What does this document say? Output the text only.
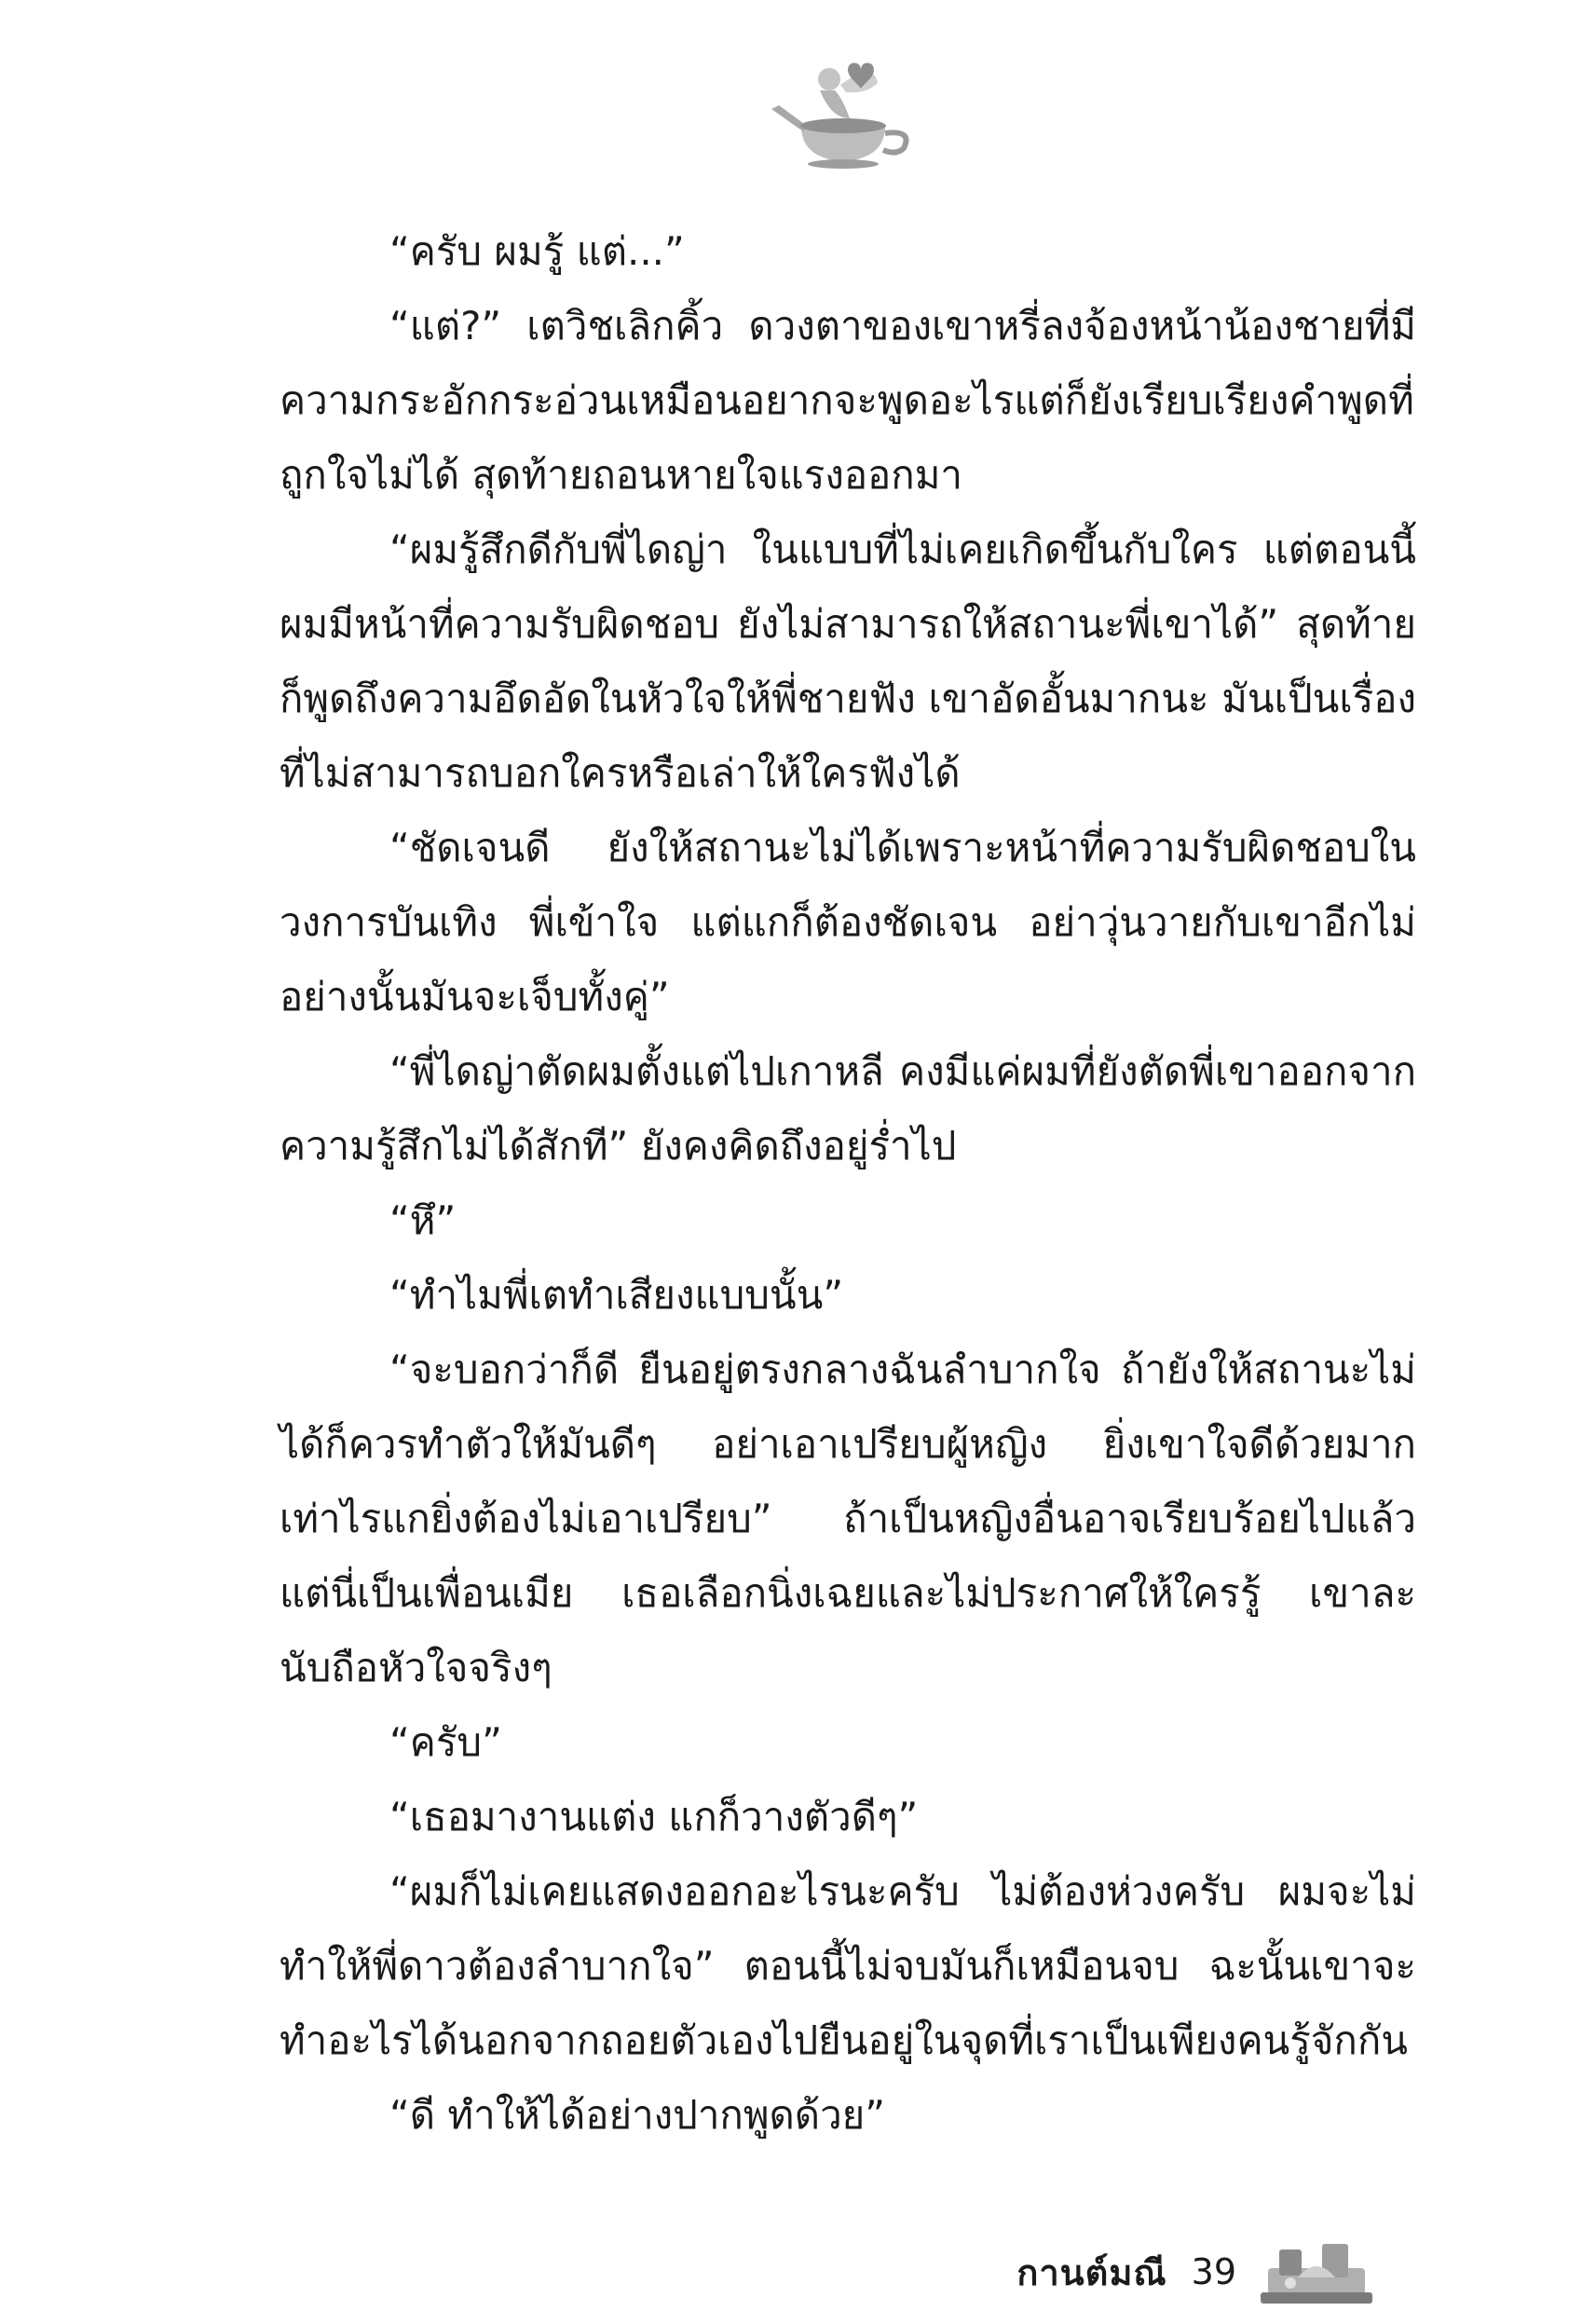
“ครับ ผมรู้ แต่...”

“แต่?” เตวิชเลิกคิ้ว ดวงตาของเขาหรี่ลงจ้องหน้าน้องชายที่มีความกระอักกระอ่วนเหมือนอยากจะพูดอะไรแต่ก็ยังเรียบเรียงคำพูดที่ถูกใจไม่ได้ สุดท้ายถอนหายใจแรงออกมา

“ผมรู้สึกดีกับพี่ไดญ่า ในแบบที่ไม่เคยเกิดขึ้นกับใคร แต่ตอนนี้ผมมีหน้าที่ความรับผิดชอบ ยังไม่สามารถให้สถานะพี่เขาได้” สุดท้ายก็พูดถึงความอึดอัดในหัวใจให้พี่ชายฟัง เขาอัดอั้นมากนะ มันเป็นเรื่องที่ไม่สามารถบอกใครหรือเล่าให้ใครฟังได้

“ชัดเจนดี ยังให้สถานะไม่ได้เพราะหน้าที่ความรับผิดชอบในวงการบันเทิง พี่เข้าใจ แต่แกก็ต้องชัดเจน อย่าวุ่นวายกับเขาอีกไม่อย่างนั้นมันจะเจ็บทั้งคู่”

“พี่ไดญ่าตัดผมตั้งแต่ไปเกาหลี คงมีแค่ผมที่ยังตัดพี่เขาออกจากความรู้สึกไม่ได้สักที” ยังคงคิดถึงอยู่ร่ำไป

“หึ”

“ทำไมพี่เตทำเสียงแบบนั้น”

“จะบอกว่าก็ดี ยืนอยู่ตรงกลางฉันลำบากใจ ถ้ายังให้สถานะไม่ได้ก็ควรทำตัวให้มันดีๆ อย่าเอาเปรียบผู้หญิง ยิ่งเขาใจดีด้วยมากเท่าไรแกยิ่งต้องไม่เอาเปรียบ” ถ้าเป็นหญิงอื่นอาจเรียบร้อยไปแล้ว แต่นี่เป็นเพื่อนเมีย เธอเลือกนิ่งเฉยและไม่ประกาศให้ใครรู้ เขาละนับถือหัวใจจริงๆ

“ครับ”

“เธอมางานแต่ง แกก็วางตัวดีๆ”

“ผมก็ไม่เคยแสดงออกอะไรนะครับ ไม่ต้องห่วงครับ ผมจะไม่ทำให้พี่ดาวต้องลำบากใจ” ตอนนี้ไม่จบมันก็เหมือนจบ ฉะนั้นเขาจะทำอะไรได้นอกจากถอยตัวเองไปยืนอยู่ในจุดที่เราเป็นเพียงคนรู้จักกัน

“ดี ทำให้ได้อย่างปากพูดด้วย”

กานต์มณี 39
